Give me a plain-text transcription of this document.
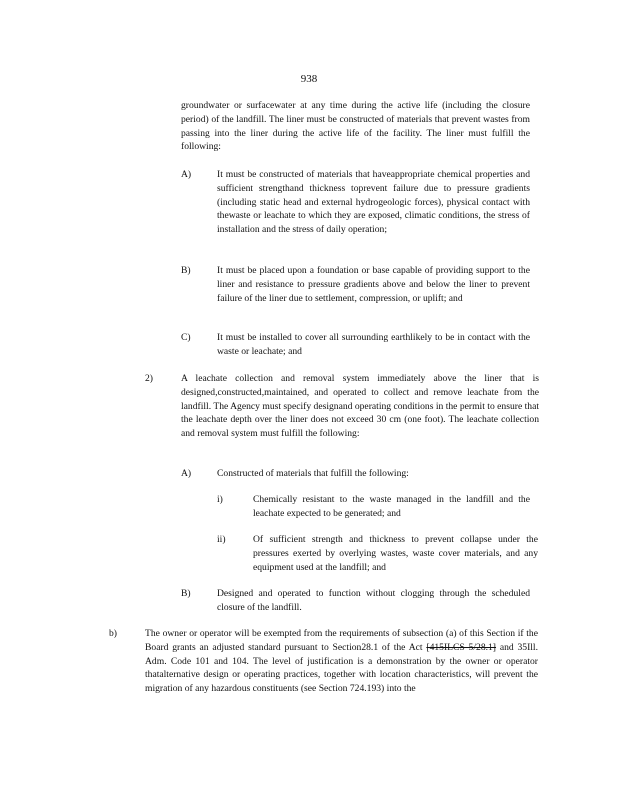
938

groundwater or surfacewater at any time during the active life (including the closure period) of the landfill. The liner must be constructed of materials that prevent wastes from passing into the liner during the active life of the facility. The liner must fulfill the following:

A)	It must be constructed of materials that haveappropriate chemical properties and sufficient strengthand thickness toprevent failure due to pressure gradients (including static head and external hydrogeologic forces), physical contact with thewaste or leachate to which they are exposed, climatic conditions, the stress of installation and the stress of daily operation;

B)	It must be placed upon a foundation or base capable of providing support to the liner and resistance to pressure gradients above and below the liner to prevent failure of the liner due to settlement, compression, or uplift; and

C)	It must be installed to cover all surrounding earthlikely to be in contact with the waste or leachate; and

2)	A leachate collection and removal system immediately above the liner that is designed,constructed,maintained, and operated to collect and remove leachate from the landfill. The Agency must specify designand operating conditions in the permit to ensure that the leachate depth over the liner does not exceed 30 cm (one foot). The leachate collection and removal system must fulfill the following:

A)	Constructed of materials that fulfill the following:

i)	Chemically resistant to the waste managed in the landfill and the leachate expected to be generated; and

ii)	Of sufficient strength and thickness to prevent collapse under the pressures exerted by overlying wastes, waste cover materials, and any equipment used at the landfill; and

B)	Designed and operated to function without clogging through the scheduled closure of the landfill.

b)	The owner or operator will be exempted from the requirements of subsection (a) of this Section if the Board grants an adjusted standard pursuant to Section28.1 of the Act [415ILCS 5/28.1] and 35Ill. Adm. Code 101 and 104. The level of justification is a demonstration by the owner or operator thatalternative design or operating practices, together with location characteristics, will prevent the migration of any hazardous constituents (see Section 724.193) into the
